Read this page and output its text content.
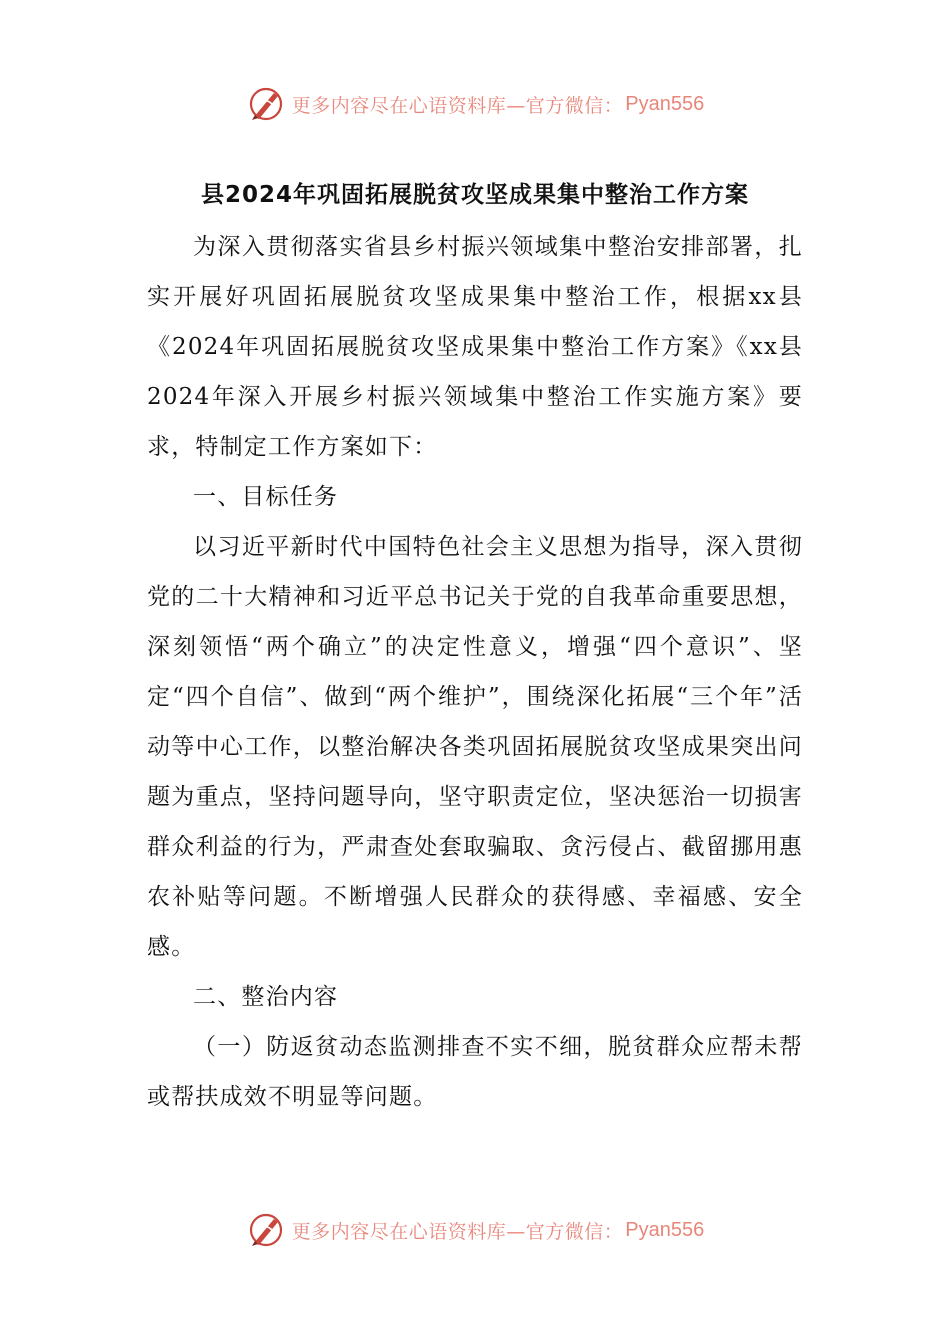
更多内容尽在心语资料库—官方微信： Pyan556
县2024年巩固拓展脱贫攻坚成果集中整治工作方案

为深入贯彻落实省县乡村振兴领域集中整治安排部署，扎实开展好巩固拓展脱贫攻坚成果集中整治工作，根据xx县《2024年巩固拓展脱贫攻坚成果集中整治工作方案》《xx县2024年深入开展乡村振兴领域集中整治工作实施方案》要求，特制定工作方案如下：

一、目标任务

以习近平新时代中国特色社会主义思想为指导，深入贯彻党的二十大精神和习近平总书记关于党的自我革命重要思想，深刻领悟“两个确立”的决定性意义，增强“四个意识”、坚定“四个自信”、做到“两个维护”，围绕深化拓展“三个年”活动等中心工作，以整治解决各类巩固拓展脱贫攻坚成果突出问题为重点，坚持问题导向，坚守职责定位，坚决惩治一切损害群众利益的行为，严肃查处套取骗取、贪污侵占、截留挪用惠农补贴等问题。不断增强人民群众的获得感、幸福感、安全感。

二、整治内容

（一）防返贫动态监测排查不实不细，脱贫群众应帮未帮或帮扶成效不明显等问题。

更多内容尽在心语资料库—官方微信： Pyan556
